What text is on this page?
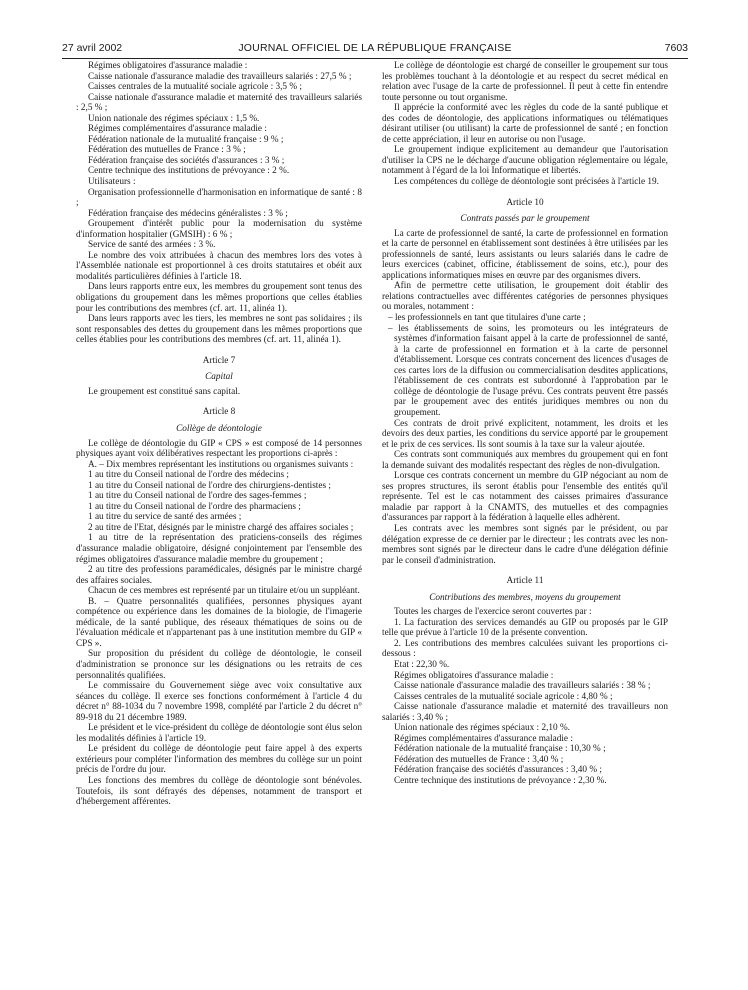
27 avril 2002	JOURNAL OFFICIEL DE LA RÉPUBLIQUE FRANÇAISE	7603

Régimes obligatoires d'assurance maladie :

Caisse nationale d'assurance maladie des travailleurs salariés : 27,5 % ;

Caisses centrales de la mutualité sociale agricole : 3,5 % ;

Caisse nationale d'assurance maladie et maternité des travailleurs salariés : 2,5 % ;

Union nationale des régimes spéciaux : 1,5 %.

Régimes complémentaires d'assurance maladie :

Fédération nationale de la mutualité française : 9 % ;

Fédération des mutuelles de France : 3 % ;

Fédération française des sociétés d'assurances : 3 % ;

Centre technique des institutions de prévoyance : 2 %.

Utilisateurs :

Organisation professionnelle d'harmonisation en informatique de santé : 8 ;

Fédération française des médecins généralistes : 3 % ;

Groupement d'intérêt public pour la modernisation du système d'information hospitalier (GMSIH) : 6 % ;

Service de santé des armées : 3 %.

Le nombre des voix attribuées à chacun des membres lors des votes à l'Assemblée nationale est proportionnel à ces droits statutaires et obéit aux modalités particulières définies à l'article 18.

Dans leurs rapports entre eux, les membres du groupement sont tenus des obligations du groupement dans les mêmes proportions que celles établies pour les contributions des membres (cf. art. 11, alinéa 1).

Dans leurs rapports avec les tiers, les membres ne sont pas solidaires ; ils sont responsables des dettes du groupement dans les mêmes proportions que celles établies pour les contributions des membres (cf. art. 11, alinéa 1).

Article 7

Capital

Le groupement est constitué sans capital.

Article 8

Collège de déontologie

Le collège de déontologie du GIP « CPS » est composé de 14 personnes physiques ayant voix délibératives respectant les proportions ci-après :

A. – Dix membres représentant les institutions ou organismes suivants :

1 au titre du Conseil national de l'ordre des médecins ;

1 au titre du Conseil national de l'ordre des chirurgiens-dentistes ;

1 au titre du Conseil national de l'ordre des sages-femmes ;

1 au titre du Conseil national de l'ordre des pharmaciens ;

1 au titre du service de santé des armées ;

2 au titre de l'Etat, désignés par le ministre chargé des affaires sociales ;

1 au titre de la représentation des praticiens-conseils des régimes d'assurance maladie obligatoire, désigné conjointement par l'ensemble des régimes obligatoires d'assurance maladie membre du groupement ;

2 au titre des professions paramédicales, désignés par le ministre chargé des affaires sociales.

Chacun de ces membres est représenté par un titulaire et/ou un suppléant.

B. – Quatre personnalités qualifiées, personnes physiques ayant compétence ou expérience dans les domaines de la biologie, de l'imagerie médicale, de la santé publique, des réseaux thématiques de soins ou de l'évaluation médicale et n'appartenant pas à une institution membre du GIP « CPS ».

Sur proposition du président du collège de déontologie, le conseil d'administration se prononce sur les désignations ou les retraits de ces personnalités qualifiées.

Le commissaire du Gouvernement siège avec voix consultative aux séances du collège. Il exerce ses fonctions conformément à l'article 4 du décret n° 88-1034 du 7 novembre 1998, complété par l'article 2 du décret n° 89-918 du 21 décembre 1989.

Le président et le vice-président du collège de déontologie sont élus selon les modalités définies à l'article 19.

Le président du collège de déontologie peut faire appel à des experts extérieurs pour compléter l'information des membres du collège sur un point précis de l'ordre du jour.

Les fonctions des membres du collège de déontologie sont bénévoles. Toutefois, ils sont défrayés des dépenses, notamment de transport et d'hébergement afférentes.

Le collège de déontologie est chargé de conseiller le groupement sur tous les problèmes touchant à la déontologie et au respect du secret médical en relation avec l'usage de la carte de professionnel. Il peut à cette fin entendre toute personne ou tout organisme.

Il apprécie la conformité avec les règles du code de la santé publique et des codes de déontologie, des applications informatiques ou télématiques désirant utiliser (ou utilisant) la carte de professionnel de santé ; en fonction de cette appréciation, il leur en autorise ou non l'usage.

Le groupement indique explicitement au demandeur que l'autorisation d'utiliser la CPS ne le décharge d'aucune obligation réglementaire ou légale, notamment à l'égard de la loi Informatique et libertés.

Les compétences du collège de déontologie sont précisées à l'article 19.

Article 10

Contrats passés par le groupement

La carte de professionnel de santé, la carte de professionnel en formation et la carte de personnel en établissement sont destinées à être utilisées par les professionnels de santé, leurs assistants ou leurs salariés dans le cadre de leurs exercices (cabinet, officine, établissement de soins, etc.), pour des applications informatiques mises en œuvre par des organismes divers.

Afin de permettre cette utilisation, le groupement doit établir des relations contractuelles avec différentes catégories de personnes physiques ou morales, notamment :

– les professionnels en tant que titulaires d'une carte ;

– les établissements de soins, les promoteurs ou les intégrateurs de systèmes d'information faisant appel à la carte de professionnel de santé, à la carte de professionnel en formation et à la carte de personnel d'établissement. Lorsque ces contrats concernent des licences d'usages de ces cartes lors de la diffusion ou commercialisation desdites applications, l'établissement de ces contrats est subordonné à l'approbation par le collège de déontologie de l'usage prévu. Ces contrats peuvent être passés par le groupement avec des entités juridiques membres ou non du groupement.

Ces contrats de droit privé explicitent, notamment, les droits et les devoirs des deux parties, les conditions du service apporté par le groupement et le prix de ces services. Ils sont soumis à la taxe sur la valeur ajoutée.

Ces contrats sont communiqués aux membres du groupement qui en font la demande suivant des modalités respectant des règles de non-divulgation.

Lorsque ces contrats concernent un membre du GIP négociant au nom de ses propres structures, ils seront établis pour l'ensemble des entités qu'il représente. Tel est le cas notamment des caisses primaires d'assurance maladie par rapport à la CNAMTS, des mutuelles et des compagnies d'assurances par rapport à la fédération à laquelle elles adhèrent.

Les contrats avec les membres sont signés par le président, ou par délégation expresse de ce dernier par le directeur ; les contrats avec les non-membres sont signés par le directeur dans le cadre d'une délégation définie par le conseil d'administration.

Article 11

Contributions des membres, moyens du groupement

Toutes les charges de l'exercice seront couvertes par :

1. La facturation des services demandés au GIP ou proposés par le GIP telle que prévue à l'article 10 de la présente convention.

2. Les contributions des membres calculées suivant les proportions ci-dessous :

Etat : 22,30 %.

Régimes obligatoires d'assurance maladie :

Caisse nationale d'assurance maladie des travailleurs salariés : 38 % ;

Caisses centrales de la mutualité sociale agricole : 4,80 % ;

Caisse nationale d'assurance maladie et maternité des travailleurs non salariés : 3,40 % ;

Union nationale des régimes spéciaux : 2,10 %.

Régimes complémentaires d'assurance maladie :

Fédération nationale de la mutualité française : 10,30 % ;

Fédération des mutuelles de France : 3,40 % ;

Fédération française des sociétés d'assurances : 3,40 % ;

Centre technique des institutions de prévoyance : 2,30 %.
